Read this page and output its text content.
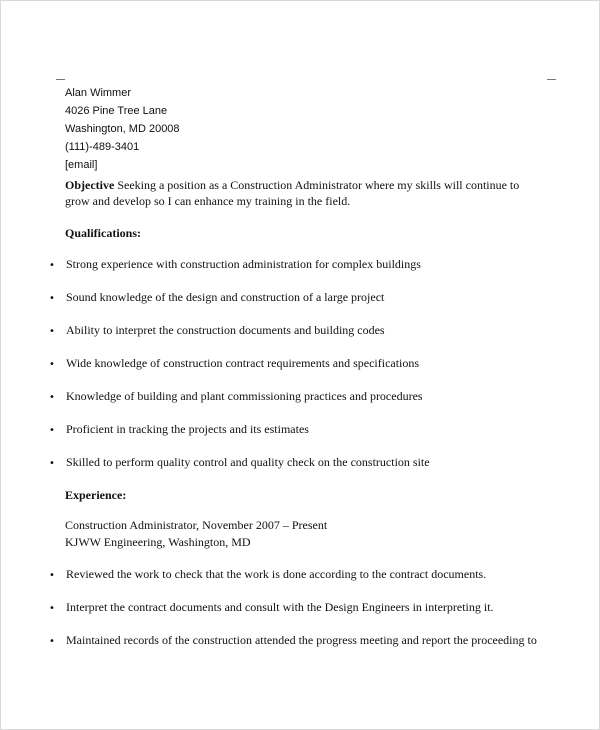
Alan Wimmer
4026 Pine Tree Lane
Washington, MD 20008
(111)-489-3401
[email]
Objective Seeking a position as a Construction Administrator where my skills will continue to grow and develop so I can enhance my training in the field.
Qualifications:
• Strong experience with construction administration for complex buildings
• Sound knowledge of the design and construction of a large project
• Ability to interpret the construction documents and building codes
• Wide knowledge of construction contract requirements and specifications
• Knowledge of building and plant commissioning practices and procedures
• Proficient in tracking the projects and its estimates
• Skilled to perform quality control and quality check on the construction site
Experience:
Construction Administrator, November 2007 – Present
KJWW Engineering, Washington, MD
• Reviewed the work to check that the work is done according to the contract documents.
• Interpret the contract documents and consult with the Design Engineers in interpreting it.
• Maintained records of the construction attended the progress meeting and report the proceeding to
